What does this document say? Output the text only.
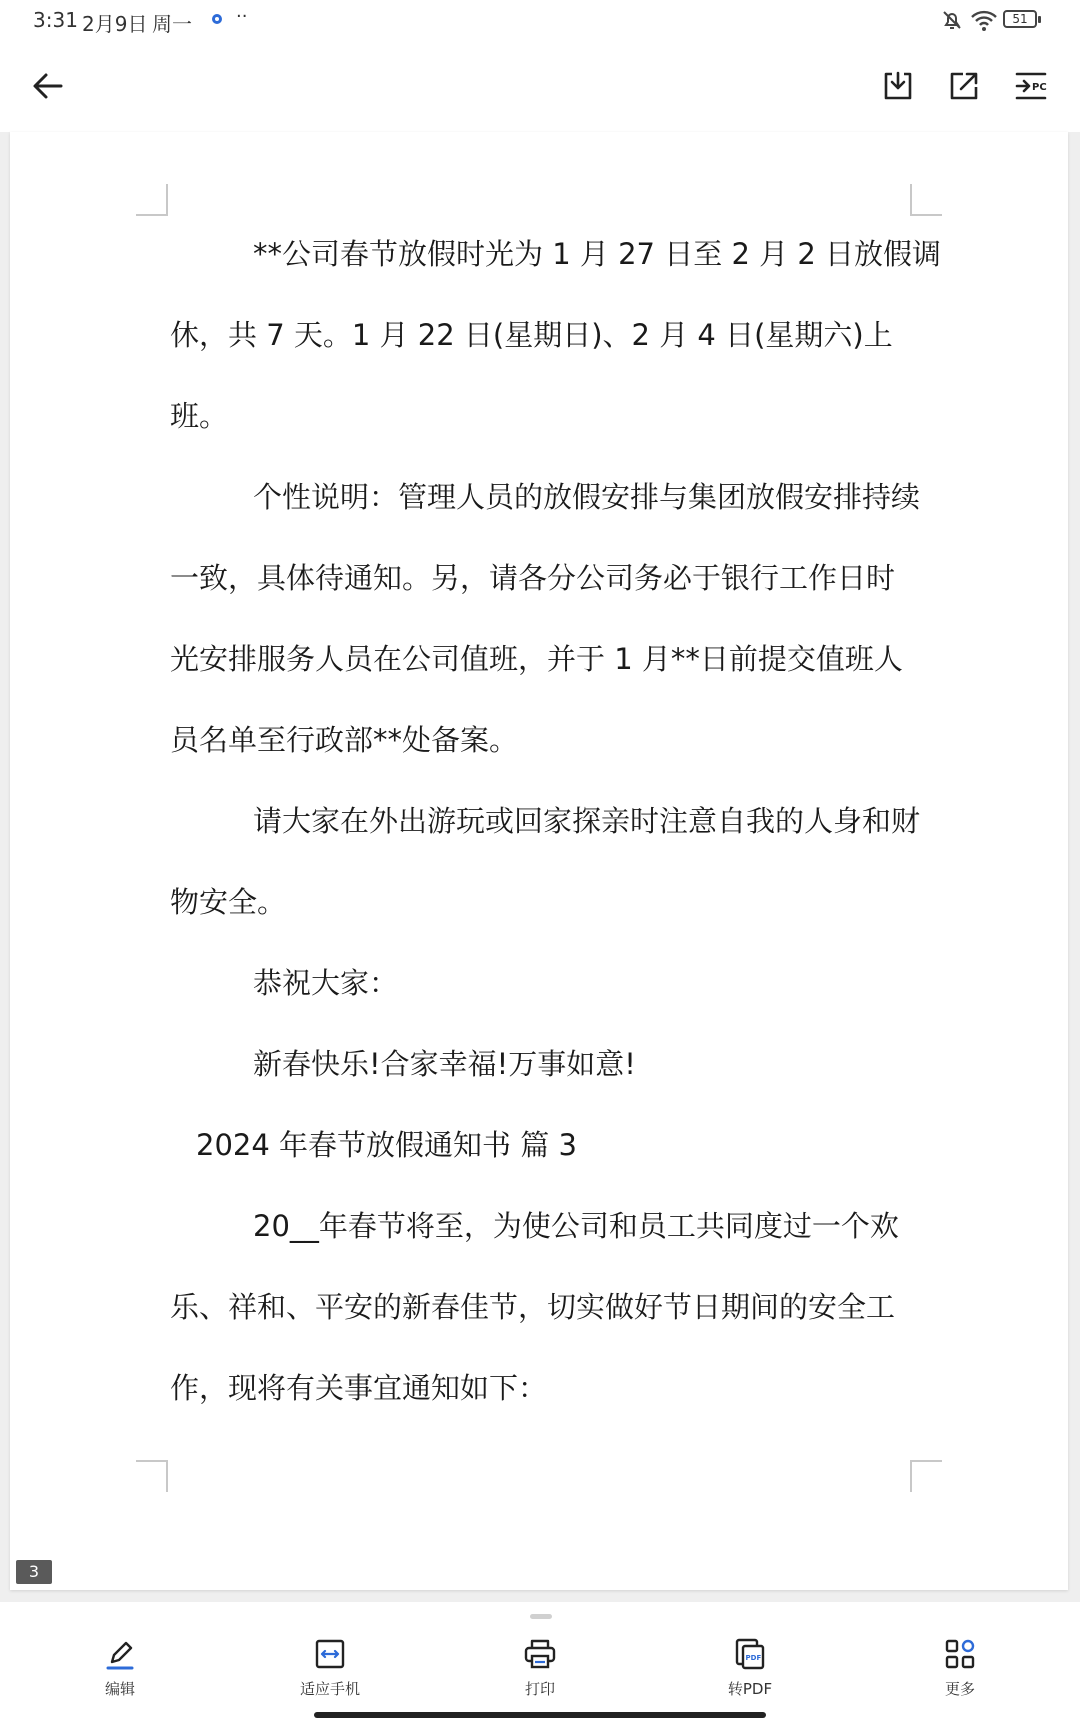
3:31 2月9日 周一 ··	51
PC

**公司春节放假时光为 1 月 27 日至 2 月 2 日放假调

休，共 7 天。1 月 22 日(星期日)、2 月 4 日(星期六)上

班。

个性说明：管理人员的放假安排与集团放假安排持续

一致，具体待通知。另，请各分公司务必于银行工作日时

光安排服务人员在公司值班，并于 1 月**日前提交值班人

员名单至行政部**处备案。

请大家在外出游玩或回家探亲时注意自我的人身和财

物安全。

恭祝大家：

新春快乐!合家幸福!万事如意!

2024 年春节放假通知书 篇 3

20__年春节将至，为使公司和员工共同度过一个欢

乐、祥和、平安的新春佳节，切实做好节日期间的安全工

作，现将有关事宜通知如下：

3
编辑	适应手机	打印
PDF
转PDF	更多
